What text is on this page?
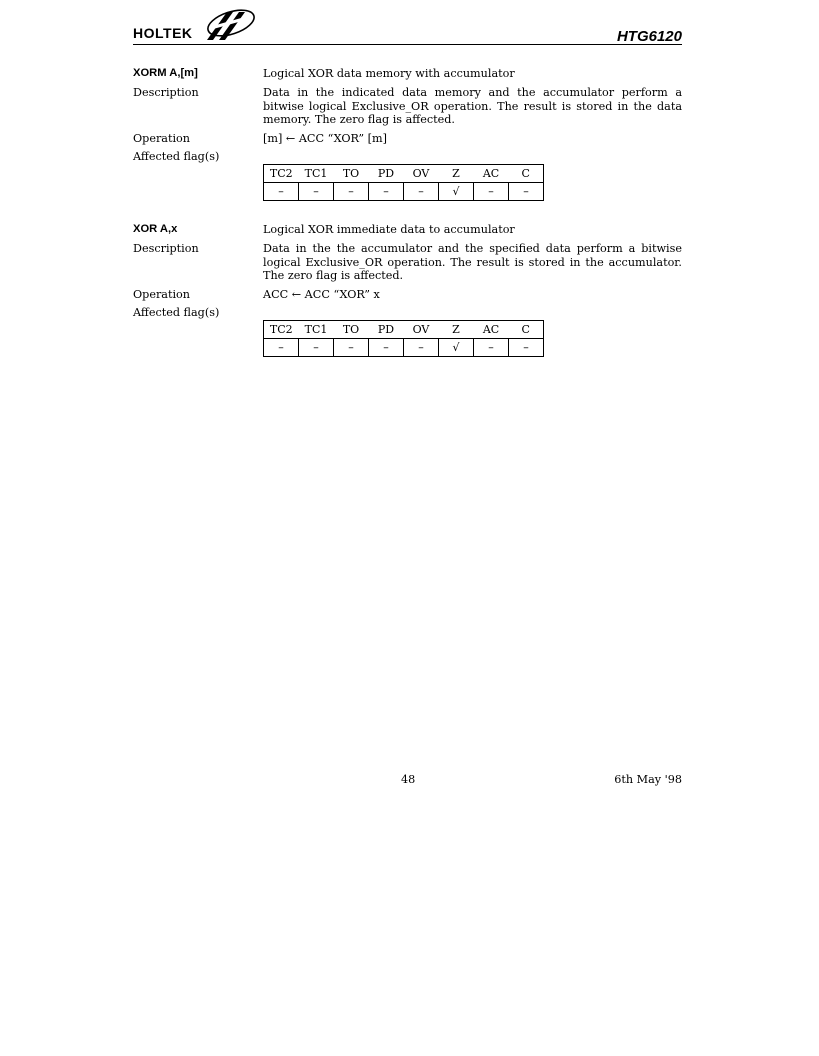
HOLTEK	HTG6120
XORM A,[m]	Logical XOR data memory with accumulator
Description	Data in the indicated data memory and the accumulator perform a bitwise logical Exclusive_OR operation. The result is stored in the data memory. The zero flag is affected.
Operation	[m] ← ACC “XOR” [m]
Affected flag(s)
TC2	TC1	TO	PD	OV	Z	AC	C
–	–	–	–	–	√	–	–
XOR A,x	Logical XOR immediate data to accumulator
Description	Data in the the accumulator and the specified data perform a bitwise logical Exclusive_OR operation. The result is stored in the accumulator. The zero flag is affected.
Operation	ACC ← ACC “XOR” x
Affected flag(s)
TC2	TC1	TO	PD	OV	Z	AC	C
–	–	–	–	–	√	–	–
48	6th May '98
